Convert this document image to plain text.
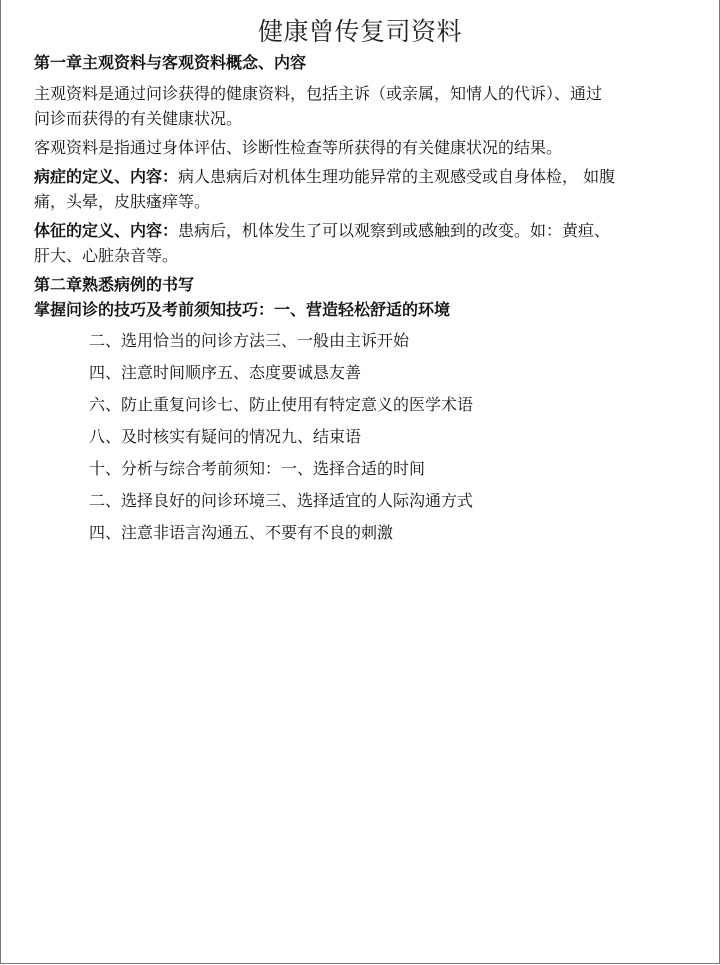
健康曾传复司资料
第一章主观资料与客观资料概念、内容
主观资料是通过问诊获得的健康资料，包括主诉（或亲属，知情人的代诉）、通过
问诊而获得的有关健康状况。
客观资料是指通过身体评估、诊断性检查等所获得的有关健康状况的结果。
病症的定义、内容：病人患病后对机体生理功能异常的主观感受或自身体检， 如腹
痛，头晕，皮肤瘙痒等。
体征的定义、内容：患病后，机体发生了可以观察到或感触到的改变。如：黄疸、
肝大、心脏杂音等。
第二章熟悉病例的书写
掌握问诊的技巧及考前须知技巧：一、营造轻松舒适的环境
二、选用恰当的问诊方法三、一般由主诉开始
四、注意时间顺序五、态度要诚恳友善
六、防止重复问诊七、防止使用有特定意义的医学术语
八、及时核实有疑问的情况九、结束语
十、分析与综合考前须知：一、选择合适的时间
二、选择良好的问诊环境三、选择适宜的人际沟通方式
四、注意非语言沟通五、不要有不良的刺激
